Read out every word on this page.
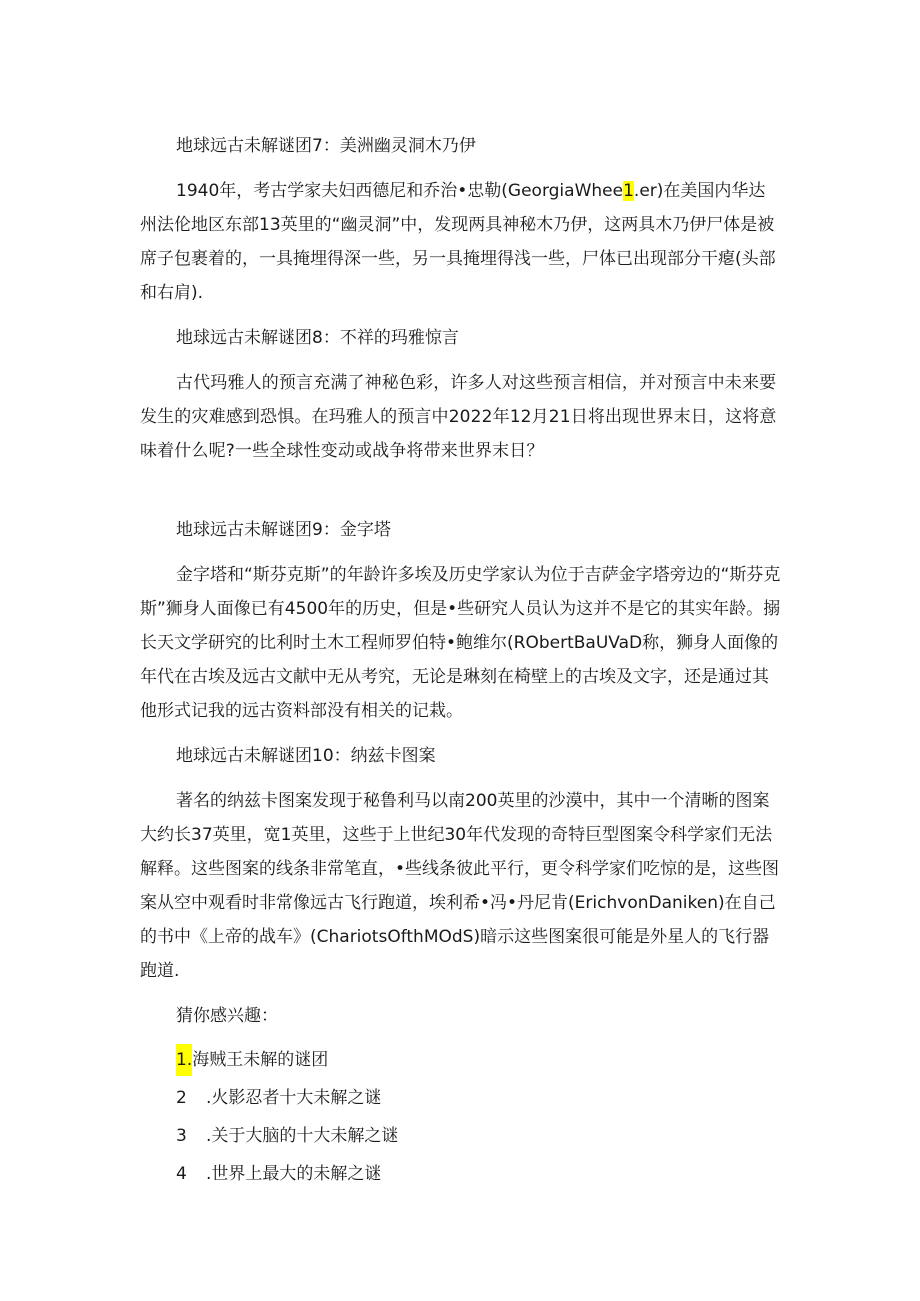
地球远古未解谜团7：美洲幽灵洞木乃伊

1940年，考古学家夫妇西德尼和乔治•忠勒(GeorgiaWhee1.er)在美国内华达州法伦地区东部13英里的“幽灵洞”中，发现两具神秘木乃伊，这两具木乃伊尸体是被席子包裹着的，一具掩埋得深一些，另一具掩埋得浅一些，尸体已出现部分干瘪(头部和右肩).

地球远古未解谜团8：不祥的玛雅惊言

古代玛雅人的预言充满了神秘色彩，许多人对这些预言相信，并对预言中未来要发生的灾难感到恐惧。在玛雅人的预言中2022年12月21日将出现世界末日，这将意味着什么呢?一些全球性变动或战争将带来世界末日？

地球远古未解谜团9：金字塔

金字塔和“斯芬克斯”的年龄许多埃及历史学家认为位于吉萨金字塔旁边的“斯芬克斯”狮身人面像已有4500年的历史，但是•些研究人员认为这并不是它的其实年龄。搦长天文学研究的比利时土木工程师罗伯特•鲍维尔(RObertBaUVaD称，狮身人面像的年代在古埃及远古文献中无从考究，无论是琳刻在椅壁上的古埃及文字，还是通过其他形式记我的远古资料部没有相关的记栽。

地球远古未解谜团10：纳兹卡图案

著名的纳兹卡图案发现于秘鲁利马以南200英里的沙漠中，其中一个清晰的图案大约长37英里，宽1英里，这些于上世纪30年代发现的奇特巨型图案令科学家们无法解释。这些图案的线条非常笔直，•些线条彼此平行，更令科学家们吃惊的是，这些图案从空中观看时非常像远古飞行跑道，埃利希•冯•丹尼肯(ErichvonDaniken)在自己的书中《上帝的战车》(ChariotsOfthMOdS)暗示这些图案很可能是外星人的飞行器跑道.

猜你感兴趣：
1.海贼王未解的谜团
2 .火影忍者十大未解之谜
3 .关于大脑的十大未解之谜
4 .世界上最大的未解之谜
